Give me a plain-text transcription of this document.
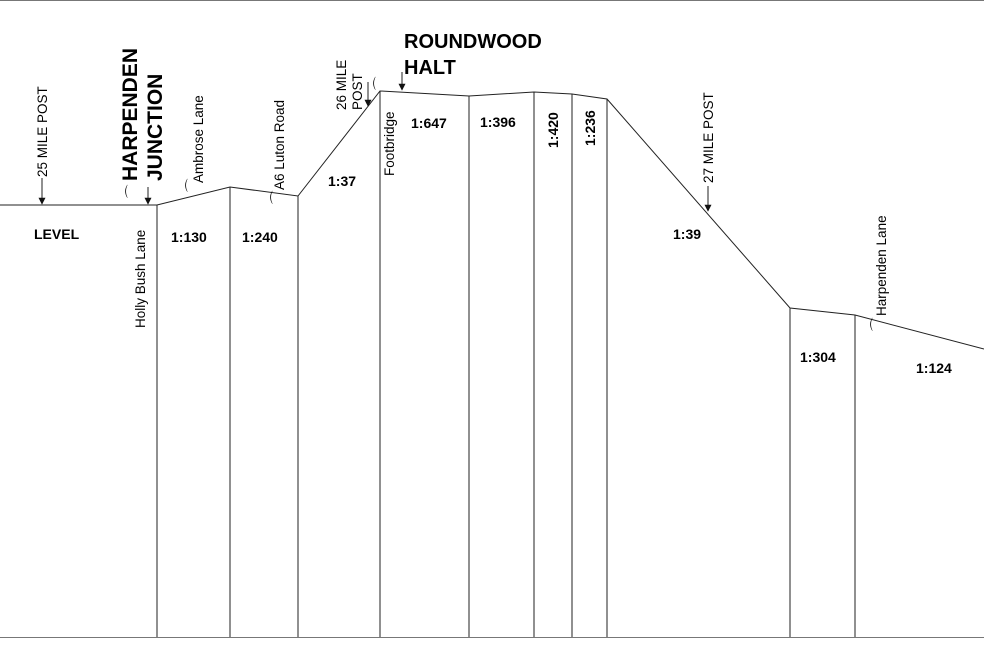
LEVEL	1:130	1:240
1:37
1:647 1:396 1:420 1:236
1:39
1:304
1:124
⌒	⌒
⌒
⌒
⌒
Holly Bush Lane
Ambrose Lane	A6 Luton Road	Footbridge
Harpenden Lane
25 MILE POST	HARPENDEN JUNCTION	26 MILE POST
ROUNDWOOD
HALT
27 MILE POST
